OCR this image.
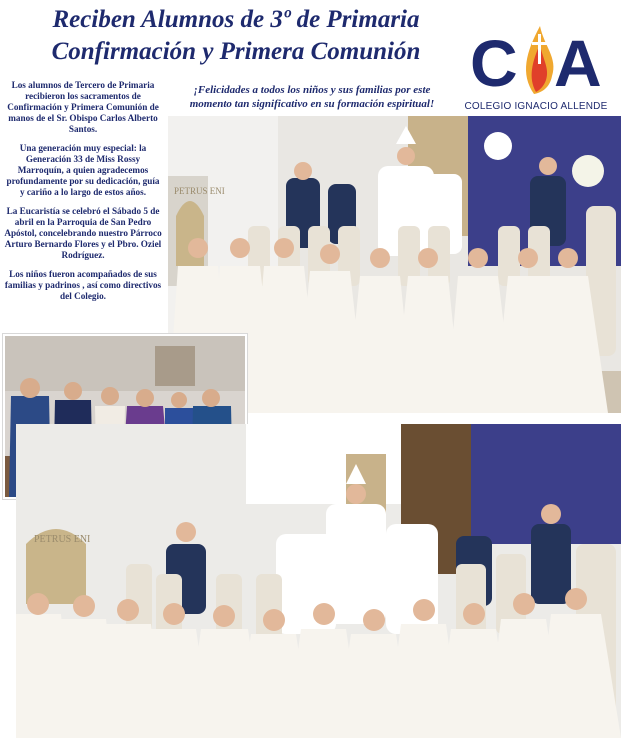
Reciben Alumnos de 3º de Primaria
Confirmación y Primera Comunión C A
COLEGIO IGNACIO ALLENDE

¡Felicidades a todos los niños y sus familias por este momento tan significativo en su formación espiritual!

Los alumnos de Tercero de Primaria recibieron los sacramentos de Confirmación y Primera Comunión de manos de el Sr. Obispo Carlos Alberto Santos.

Una generación muy especial: la Generación 33 de Miss Rossy Marroquín, a quien agradecemos profundamente por su dedicación, guía y cariño a lo largo de estos años.

La Eucaristía se celebró el Sábado 5 de abril en la Parroquia de San Pedro Apóstol, concelebrando nuestro Párroco Arturo Bernardo Flores y el Pbro. Oziel Rodríguez.

Los niños fueron acompañados de sus familias y padrinos , así como directivos del Colegio.

PETRUS ENI
PETRUS ENI
